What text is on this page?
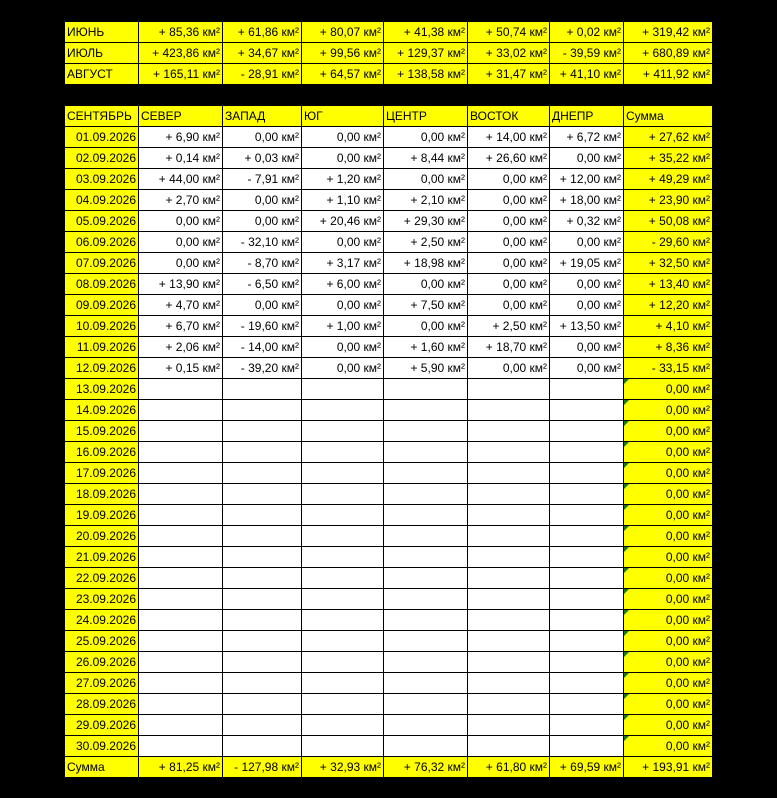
ИЮНЬ	+ 85,36 км²	+ 61,86 км²	+ 80,07 км²	+ 41,38 км²	+ 50,74 км²	+ 0,02 км²	+ 319,42 км²
ИЮЛЬ	+ 423,86 км²	+ 34,67 км²	+ 99,56 км²	+ 129,37 км²	+ 33,02 км²	- 39,59 км²	+ 680,89 км²
АВГУСТ	+ 165,11 км²	- 28,91 км²	+ 64,57 км²	+ 138,58 км²	+ 31,47 км²	+ 41,10 км²	+ 411,92 км²
СЕНТЯБРЬ	СЕВЕР	ЗАПАД	ЮГ	ЦЕНТР	ВОСТОК	ДНЕПР	Сумма
01.09.2026	+ 6,90 км²	0,00 км²	0,00 км²	0,00 км²	+ 14,00 км²	+ 6,72 км²	+ 27,62 км²
02.09.2026	+ 0,14 км²	+ 0,03 км²	0,00 км²	+ 8,44 км²	+ 26,60 км²	0,00 км²	+ 35,22 км²
03.09.2026	+ 44,00 км²	- 7,91 км²	+ 1,20 км²	0,00 км²	0,00 км²	+ 12,00 км²	+ 49,29 км²
04.09.2026	+ 2,70 км²	0,00 км²	+ 1,10 км²	+ 2,10 км²	0,00 км²	+ 18,00 км²	+ 23,90 км²
05.09.2026	0,00 км²	0,00 км²	+ 20,46 км²	+ 29,30 км²	0,00 км²	+ 0,32 км²	+ 50,08 км²
06.09.2026	0,00 км²	- 32,10 км²	0,00 км²	+ 2,50 км²	0,00 км²	0,00 км²	- 29,60 км²
07.09.2026	0,00 км²	- 8,70 км²	+ 3,17 км²	+ 18,98 км²	0,00 км²	+ 19,05 км²	+ 32,50 км²
08.09.2026	+ 13,90 км²	- 6,50 км²	+ 6,00 км²	0,00 км²	0,00 км²	0,00 км²	+ 13,40 км²
09.09.2026	+ 4,70 км²	0,00 км²	0,00 км²	+ 7,50 км²	0,00 км²	0,00 км²	+ 12,20 км²
10.09.2026	+ 6,70 км²	- 19,60 км²	+ 1,00 км²	0,00 км²	+ 2,50 км²	+ 13,50 км²	+ 4,10 км²
11.09.2026	+ 2,06 км²	- 14,00 км²	0,00 км²	+ 1,60 км²	+ 18,70 км²	0,00 км²	+ 8,36 км²
12.09.2026	+ 0,15 км²	- 39,20 км²	0,00 км²	+ 5,90 км²	0,00 км²	0,00 км²	- 33,15 км²
13.09.2026							0,00 км²
14.09.2026							0,00 км²
15.09.2026							0,00 км²
16.09.2026							0,00 км²
17.09.2026							0,00 км²
18.09.2026							0,00 км²
19.09.2026							0,00 км²
20.09.2026							0,00 км²
21.09.2026							0,00 км²
22.09.2026							0,00 км²
23.09.2026							0,00 км²
24.09.2026							0,00 км²
25.09.2026							0,00 км²
26.09.2026							0,00 км²
27.09.2026							0,00 км²
28.09.2026							0,00 км²
29.09.2026							0,00 км²
30.09.2026							0,00 км²
Сумма	+ 81,25 км²	- 127,98 км²	+ 32,93 км²	+ 76,32 км²	+ 61,80 км²	+ 69,59 км²	+ 193,91 км²
